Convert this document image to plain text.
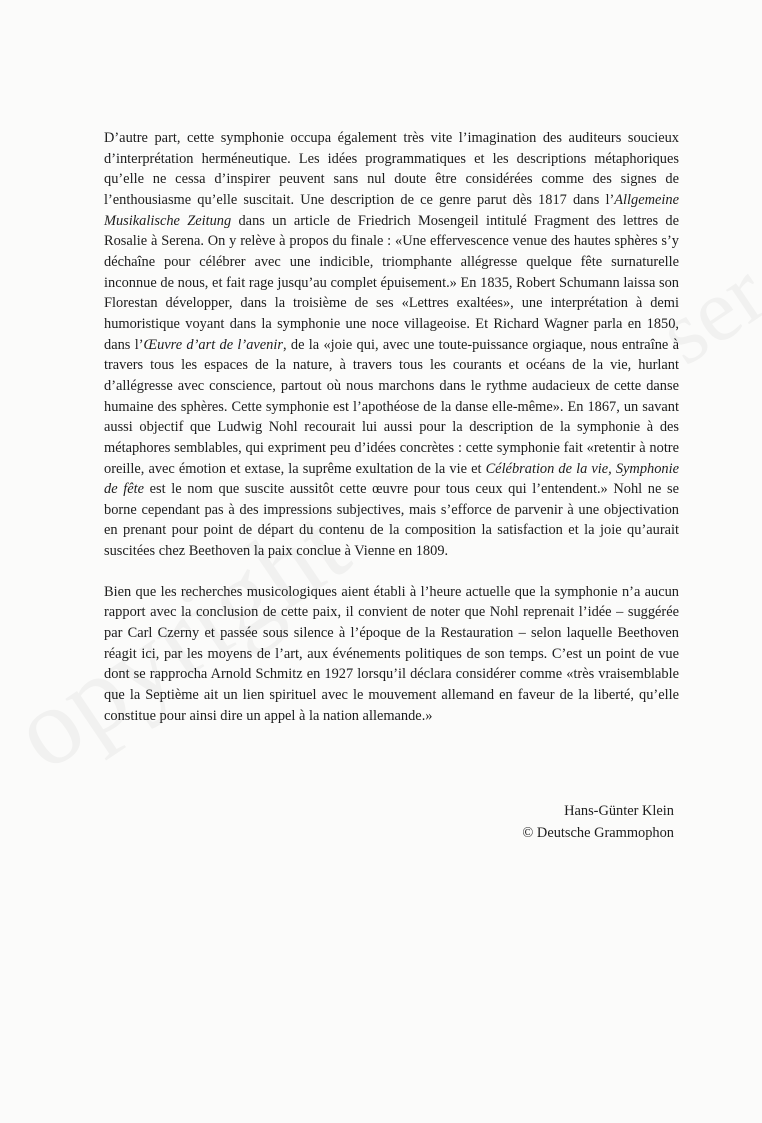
D’autre part, cette symphonie occupa également très vite l’imagination des auditeurs soucieux d’interprétation herméneutique. Les idées programmatiques et les descriptions métaphoriques qu’elle ne cessa d’inspirer peuvent sans nul doute être considérées comme des signes de l’enthousiasme qu’elle suscitait. Une description de ce genre parut dès 1817 dans l’Allgemeine Musikalische Zeitung dans un article de Friedrich Mosengeil intitulé Fragment des lettres de Rosalie à Serena. On y relève à propos du finale : «Une effervescence venue des hautes sphères s’y déchaîne pour célébrer avec une indicible, triomphante allégresse quelque fête surnaturelle inconnue de nous, et fait rage jusqu’au complet épuisement.» En 1835, Robert Schumann laissa son Florestan développer, dans la troisième de ses «Lettres exaltées», une interprétation à demi humoristique voyant dans la symphonie une noce villageoise. Et Richard Wagner parla en 1850, dans l’Œuvre d’art de l’avenir, de la «joie qui, avec une toute-puissance orgiaque, nous entraîne à travers tous les espaces de la nature, à travers tous les courants et océans de la vie, hurlant d’allégresse avec conscience, partout où nous marchons dans le rythme audacieux de cette danse humaine des sphères. Cette symphonie est l’apothéose de la danse elle-même». En 1867, un savant aussi objectif que Ludwig Nohl recourait lui aussi pour la description de la symphonie à des métaphores semblables, qui expriment peu d’idées concrètes : cette symphonie fait «retentir à notre oreille, avec émotion et extase, la suprême exultation de la vie et Célébration de la vie, Symphonie de fête est le nom que suscite aussitôt cette œuvre pour tous ceux qui l’entendent.» Nohl ne se borne cependant pas à des impressions subjectives, mais s’efforce de parvenir à une objectivation en prenant pour point de départ du contenu de la composition la satisfaction et la joie qu’aurait suscitées chez Beethoven la paix conclue à Vienne en 1809.

Bien que les recherches musicologiques aient établi à l’heure actuelle que la symphonie n’a aucun rapport avec la conclusion de cette paix, il convient de noter que Nohl reprenait l’idée – suggérée par Carl Czerny et passée sous silence à l’époque de la Restauration – selon laquelle Beethoven réagit ici, par les moyens de l’art, aux événements politiques de son temps. C’est un point de vue dont se rapprocha Arnold Schmitz en 1927 lorsqu’il déclara considérer comme «très vraisemblable que la Septième ait un lien spirituel avec le mouvement allemand en faveur de la liberté, qu’elle constitue pour ainsi dire un appel à la nation allemande.»

Hans-Günter Klein
© Deutsche Grammophon
